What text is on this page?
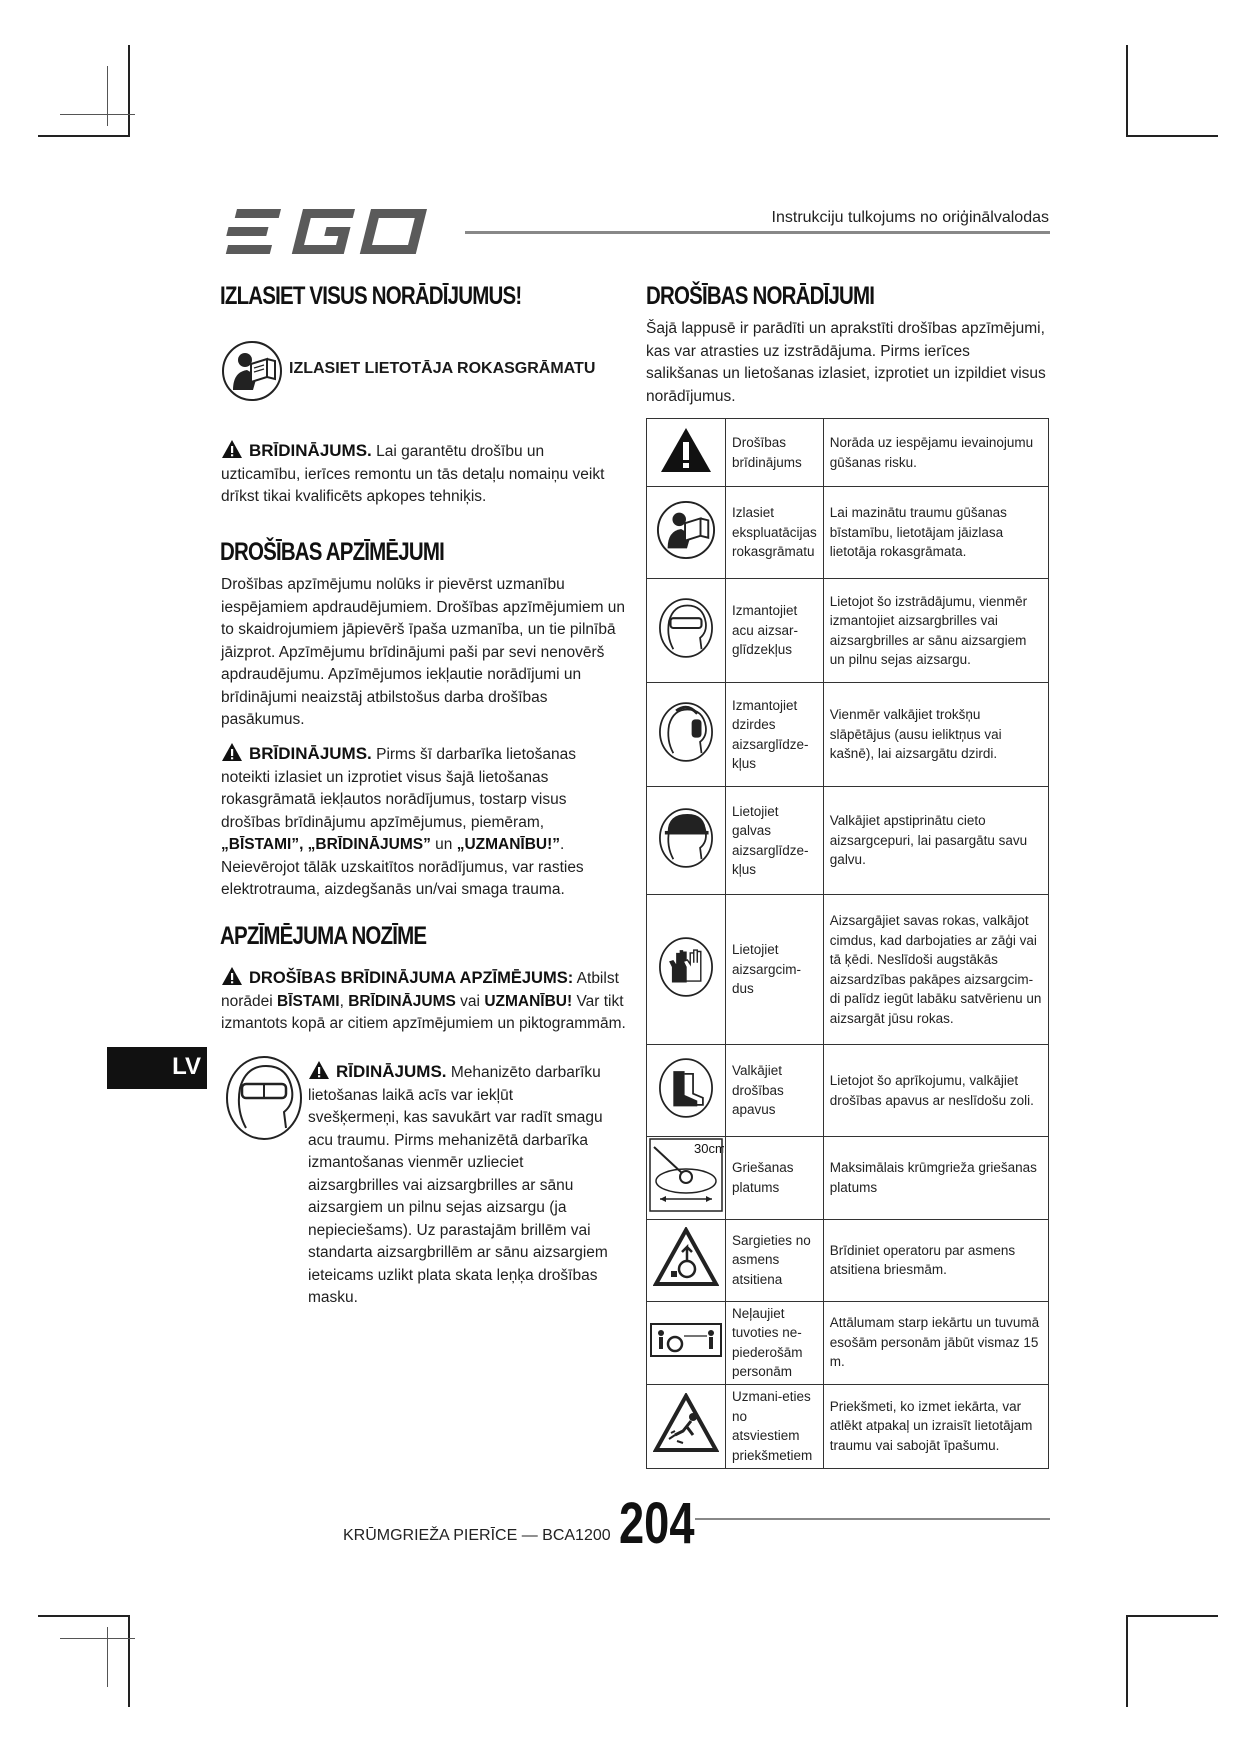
Instrukciju tulkojums no oriģinālvalodas
IZLASIET VISUS NORĀDĪJUMUS!
IZLASIET LIETOTĀJA ROKASGRĀMATU
BRĪDINĀJUMS. Lai garantētu drošību un uzticamību, ierīces remontu un tās detaļu nomaiņu veikt drīkst tikai kvalificēts apkopes tehniķis.
DROŠĪBAS APZĪMĒJUMI
Drošības apzīmējumu nolūks ir pievērst uzmanību iespējamiem apdraudējumiem. Drošības apzīmējumiem un to skaidrojumiem jāpievērš īpaša uzmanība, un tie pilnībā jāizprot. Apzīmējumu brīdinājumi paši par sevi nenovērš apdraudējumu. Apzīmējumos iekļautie norādījumi un brīdinājumi neaizstāj atbilstošus darba drošības pasākumus.
BRĪDINĀJUMS. Pirms šī darbarīka lietošanas noteikti izlasiet un izprotiet visus šajā lietošanas rokasgrāmatā iekļautos norādījumus, tostarp visus drošības brīdinājumu apzīmējumus, piemēram,
„BĪSTAMI”, „BRĪDINĀJUMS” un „UZMANĪBU!”. Neievērojot tālāk uzskaitītos norādījumus, var rasties elektrotrauma, aizdegšanās un/vai smaga trauma.
APZĪMĒJUMA NOZĪME
DROŠĪBAS BRĪDINĀJUMA APZĪMĒJUMS: Atbilst norādei BĪSTAMI, BRĪDINĀJUMS vai UZMANĪBU! Var tikt izmantots kopā ar citiem apzīmējumiem un piktogrammām.
LV	RĪDINĀJUMS. Mehanizēto darbarīku lietošanas laikā acīs var iekļūt svešķermeņi, kas savukārt var radīt smagu acu traumu. Pirms mehanizētā darbarīka izmantošanas vienmēr uzlieciet aizsargbrilles vai aizsargbrilles ar sānu aizsargiem un pilnu sejas aizsargu (ja nepieciešams). Uz parastajām brillēm vai standarta aizsargbrillēm ar sānu aizsargiem ieteicams uzlikt plata skata leņķa drošības masku.
DROŠĪBAS NORĀDĪJUMI
Šajā lappusē ir parādīti un aprakstīti drošības apzīmējumi, kas var atrasties uz izstrādājuma. Pirms ierīces salikšanas un lietošanas izlasiet, izprotiet un izpildiet visus norādījumus.
	Drošības brīdinājums	Norāda uz iespējamu ievainojumu gūšanas risku.
	Izlasiet ekspluatācijas rokasgrāmatu	Lai mazinātu traumu gūšanas bīstamību, lietotājam jāizlasa lietotāja rokasgrāmata.
	Izmantojiet acu aizsar-glīdzekļus	Lietojot šo izstrādājumu, vienmēr izmantojiet aizsargbrilles vai aizsargbrilles ar sānu aizsargiem un pilnu sejas aizsargu.
	Izmantojiet dzirdes aizsarglīdze-kļus	Vienmēr valkājiet trokšņu slāpētājus (ausu ieliktņus vai kašnē), lai aizsargātu dzirdi.
	Lietojiet galvas aizsarglīdze-kļus	Valkājiet apstiprinātu cieto aizsargcepuri, lai pasargātu savu galvu.
	Lietojiet aizsargcim-dus	Aizsargājiet savas rokas, valkājot cimdus, kad darbojaties ar zāģi vai tā ķēdi. Neslīdoši augstākās aizsardzības pakāpes aizsargcim-di palīdz iegūt labāku satvērienu un aizsargāt jūsu rokas.
	Valkājiet drošības apavus	Lietojot šo aprīkojumu, valkājiet drošības apavus ar neslīdošu zoli.

30cm	Griešanas platums	Maksimālais krūmgrieža griešanas platums
	Sargieties no asmens atsitiena	Brīdiniet operatoru par asmens atsitiena briesmām.
	Neļaujiet tuvoties ne-piederošām personām	Attālumam starp iekārtu un tuvumā esošām personām jābūt vismaz 15 m.
	Uzmani-eties no atsviestiem priekšmetiem	Priekšmeti, ko izmet iekārta, var atlēkt atpakaļ un izraisīt lietotājam traumu vai sabojāt īpašumu.
KRŪMGRIEŽA PIERĪCE — BCA1200 204
